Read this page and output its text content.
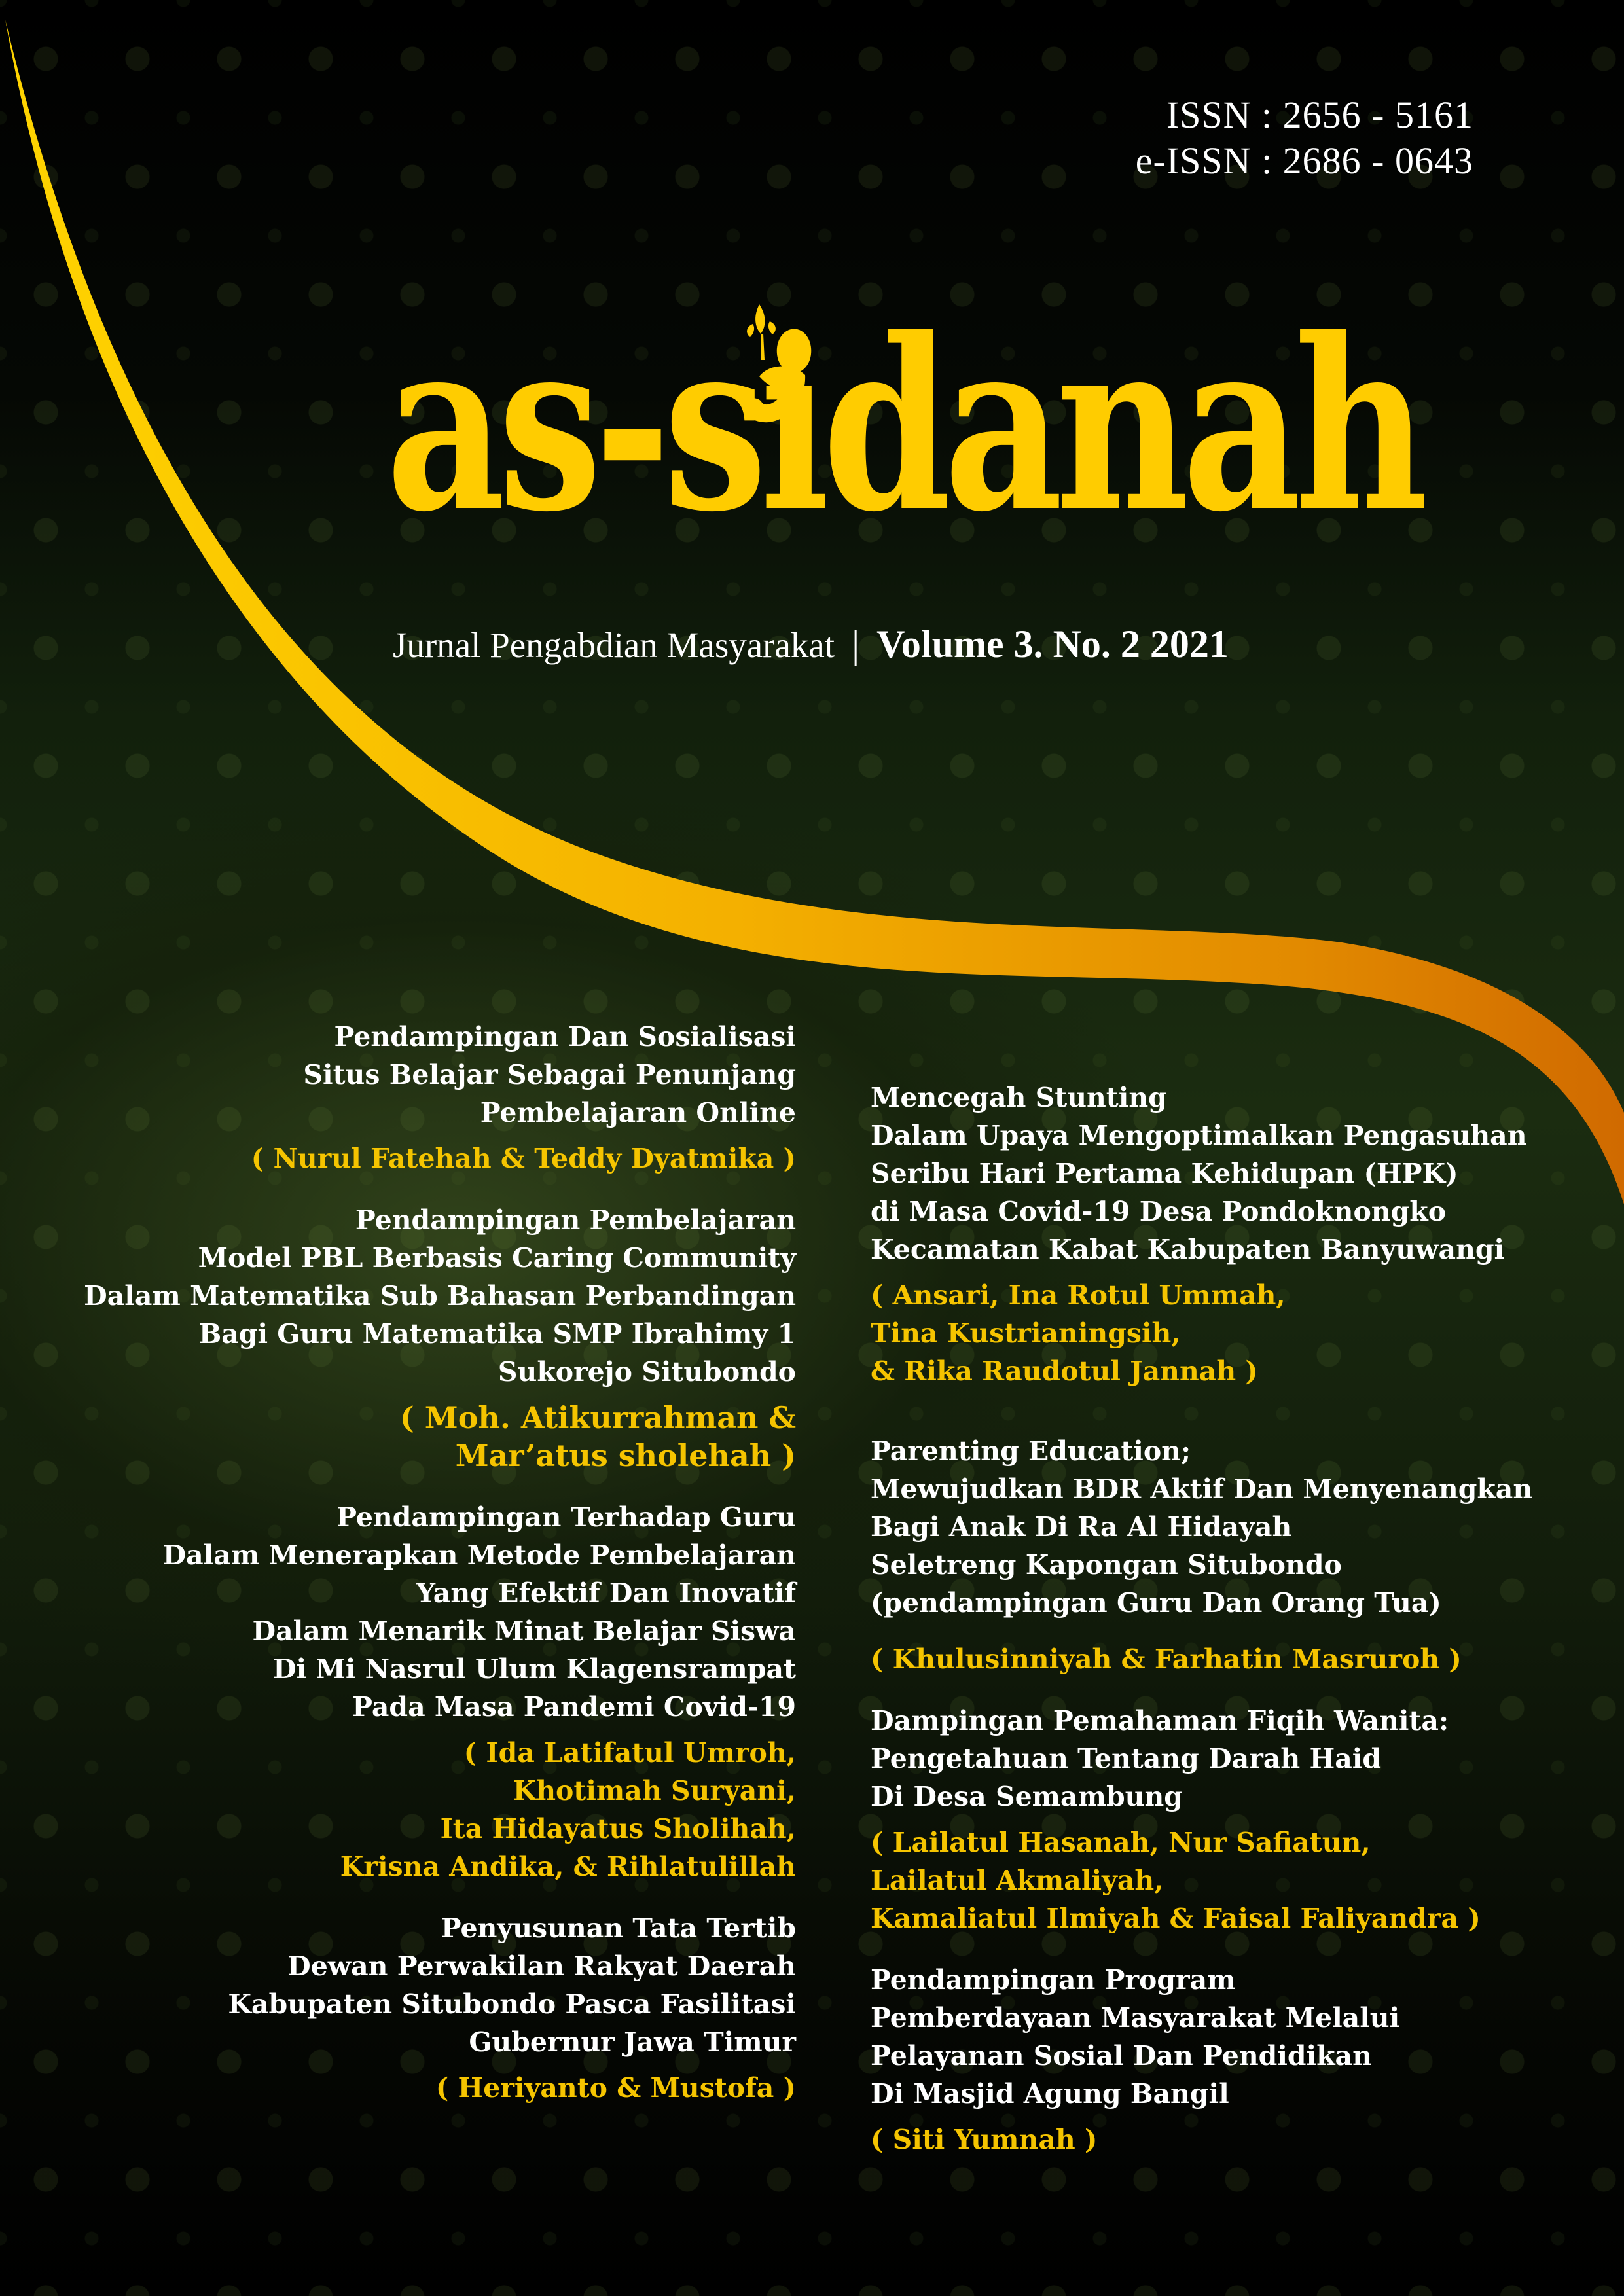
ISSN : 2656 - 5161
e-ISSN : 2686 - 0643
as-sidanah
Jurnal Pengabdian Masyarakat | Volume 3. No. 2 2021
Pendampingan Dan Sosialisasi
Situs Belajar Sebagai Penunjang
Pembelajaran Online
( Nurul Fatehah & Teddy Dyatmika )
Pendampingan Pembelajaran
Model PBL Berbasis Caring Community
Dalam Matematika Sub Bahasan Perbandingan
Bagi Guru Matematika SMP Ibrahimy 1
Sukorejo Situbondo
( Moh. Atikurrahman &
Mar’atus sholehah )
Pendampingan Terhadap Guru
Dalam Menerapkan Metode Pembelajaran
Yang Efektif Dan Inovatif
Dalam Menarik Minat Belajar Siswa
Di Mi Nasrul Ulum Klagensrampat
Pada Masa Pandemi Covid-19
( Ida Latifatul Umroh,
Khotimah Suryani,
Ita Hidayatus Sholihah,
Krisna Andika, & Rihlatulillah
Penyusunan Tata Tertib
Dewan Perwakilan Rakyat Daerah
Kabupaten Situbondo Pasca Fasilitasi
Gubernur Jawa Timur
( Heriyanto & Mustofa )
Mencegah Stunting
Dalam Upaya Mengoptimalkan Pengasuhan
Seribu Hari Pertama Kehidupan (HPK)
di Masa Covid-19 Desa Pondoknongko
Kecamatan Kabat Kabupaten Banyuwangi
( Ansari, Ina Rotul Ummah,
Tina Kustrianingsih,
& Rika Raudotul Jannah )
Parenting Education;
Mewujudkan BDR Aktif Dan Menyenangkan
Bagi Anak Di Ra Al Hidayah
Seletreng Kapongan Situbondo
(pendampingan Guru Dan Orang Tua)
( Khulusinniyah & Farhatin Masruroh )
Dampingan Pemahaman Fiqih Wanita:
Pengetahuan Tentang Darah Haid
Di Desa Semambung
( Lailatul Hasanah, Nur Safiatun,
Lailatul Akmaliyah,
Kamaliatul Ilmiyah & Faisal Faliyandra )
Pendampingan Program
Pemberdayaan Masyarakat Melalui
Pelayanan Sosial Dan Pendidikan
Di Masjid Agung Bangil
( Siti Yumnah )
